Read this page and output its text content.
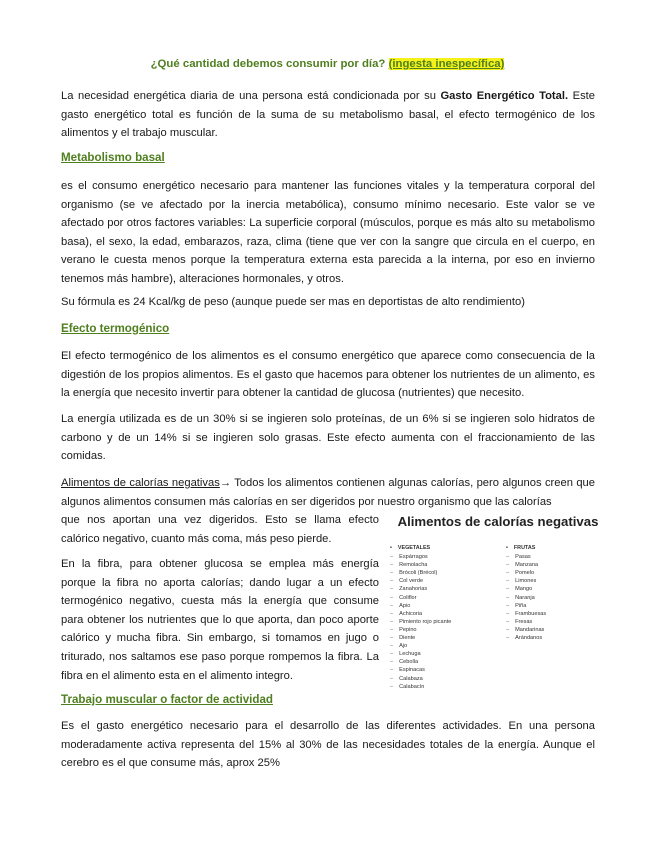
¿Qué cantidad debemos consumir por día? (ingesta inespecífica)

La necesidad energética diaria de una persona está condicionada por su Gasto Energético Total. Este gasto energético total es función de la suma de su metabolismo basal, el efecto termogénico de los alimentos y el trabajo muscular.

Metabolismo basal

es el consumo energético necesario para mantener las funciones vitales y la temperatura corporal del organismo (se ve afectado por la inercia metabólica), consumo mínimo necesario. Este valor se ve afectado por otros factores variables: La superficie corporal (músculos, porque es más alto su metabolismo basa), el sexo, la edad, embarazos, raza, clima (tiene que ver con la sangre que circula en el cuerpo, en verano le cuesta menos porque la temperatura externa esta parecida a la interna, por eso en invierno tenemos más hambre), alteraciones hormonales, y otros.

Su fórmula es 24 Kcal/kg de peso (aunque puede ser mas en deportistas de alto rendimiento)

Efecto termogénico

El efecto termogénico de los alimentos es el consumo energético que aparece como consecuencia de la digestión de los propios alimentos. Es el gasto que hacemos para obtener los nutrientes de un alimento, es la energía que necesito invertir para obtener la cantidad de glucosa (nutrientes) que necesito.

La energía utilizada es de un 30% si se ingieren solo proteínas, de un 6% si se ingieren solo hidratos de carbono y de un 14% si se ingieren solo grasas. Este efecto aumenta con el fraccionamiento de las comidas.

Alimentos de calorías negativas→ Todos los alimentos contienen algunas calorías, pero algunos creen que algunos alimentos consumen más calorías en ser digeridos por nuestro organismo que las calorías

que nos aportan una vez digeridos. Esto se llama efecto calórico negativo, cuanto más coma, más peso pierde.

En la fibra, para obtener glucosa se emplea más energía porque la fibra no aporta calorías; dando lugar a un efecto termogénico negativo, cuesta más la energía que consume para obtener los nutrientes que lo que aporta, dan poco aporte calórico y mucha fibra. Sin embargo, si tomamos en jugo o triturado, nos saltamos ese paso porque rompemos la fibra. La fibra en el alimento esta en el alimento integro.

Alimentos de calorías negativas
• VEGETALES
– Espárragos
– Remolacha
– Brócoli (Brécol)
– Col verde
– Zanahorias
– Coliflor
– Apio
– Achicoria
– Pimiento rojo picante
– Pepino
– Diente
– Ajo
– Lechuga
– Cebolla
– Espinacas
– Calabaza
– Calabacín
• FRUTAS
– Pasas
– Manzana
– Pomelo
– Limones
– Mango
– Naranja
– Piña
– Frambuesas
– Fresas
– Mandarinas
– Arándanos
Trabajo muscular o factor de actividad

Es el gasto energético necesario para el desarrollo de las diferentes actividades. En una persona moderadamente activa representa del 15% al 30% de las necesidades totales de la energía. Aunque el cerebro es el que consume más, aprox 25%
